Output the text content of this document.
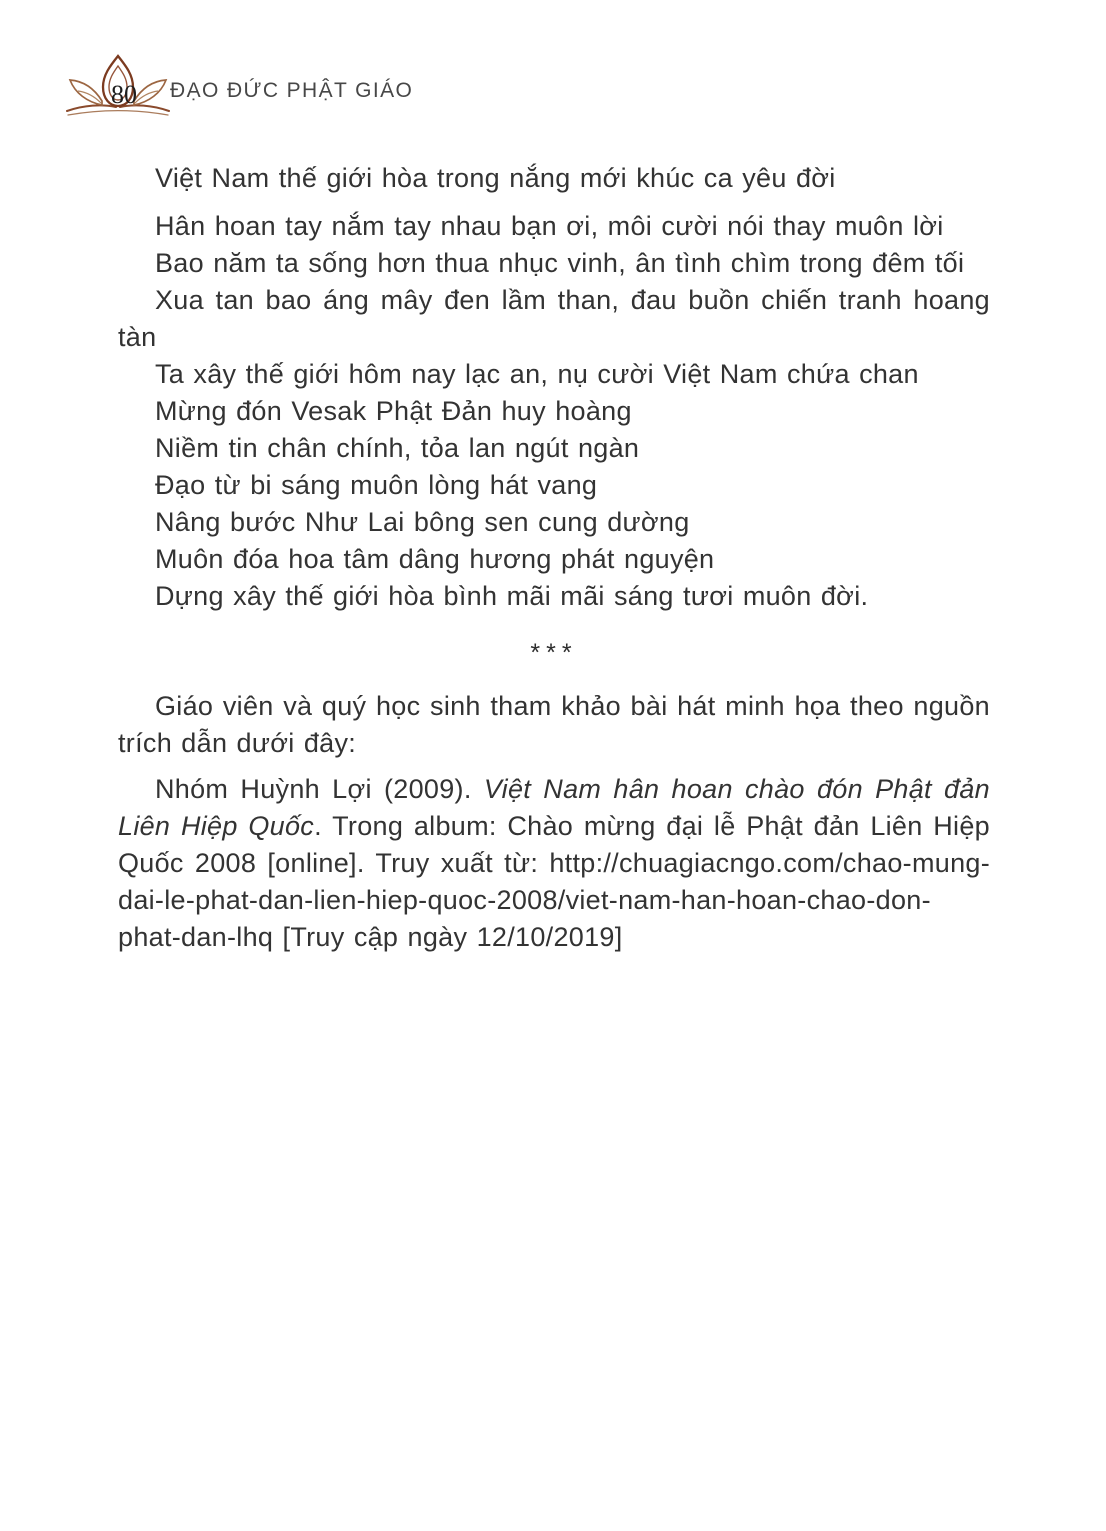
80	ĐẠO ĐỨC PHẬT GIÁO

Việt Nam thế giới hòa trong nắng mới khúc ca yêu đời

Hân hoan tay nắm tay nhau bạn ơi, môi cười nói thay muôn lời

Bao năm ta sống hơn thua nhục vinh, ân tình chìm trong đêm tối

Xua tan bao áng mây đen lầm than, đau buồn chiến tranh hoang tàn

Ta xây thế giới hôm nay lạc an, nụ cười Việt Nam chứa chan

Mừng đón Vesak Phật Đản huy hoàng

Niềm tin chân chính, tỏa lan ngút ngàn

Đạo từ bi sáng muôn lòng hát vang

Nâng bước Như Lai bông sen cung dường

Muôn đóa hoa tâm dâng hương phát nguyện

Dựng xây thế giới hòa bình mãi mãi sáng tươi muôn đời.

***

Giáo viên và quý học sinh tham khảo bài hát minh họa theo nguồn trích dẫn dưới đây:

Nhóm Huỳnh Lợi (2009). Việt Nam hân hoan chào đón Phật đản Liên Hiệp Quốc. Trong album: Chào mừng đại lễ Phật đản Liên Hiệp Quốc 2008 [online]. Truy xuất từ: http://chuagiacngo.com/chao-mung-dai-le-phat-dan-lien-hiep-quoc-2008/viet-nam-han-hoan-chao-don-phat-dan-lhq [Truy cập ngày 12/10/2019]
